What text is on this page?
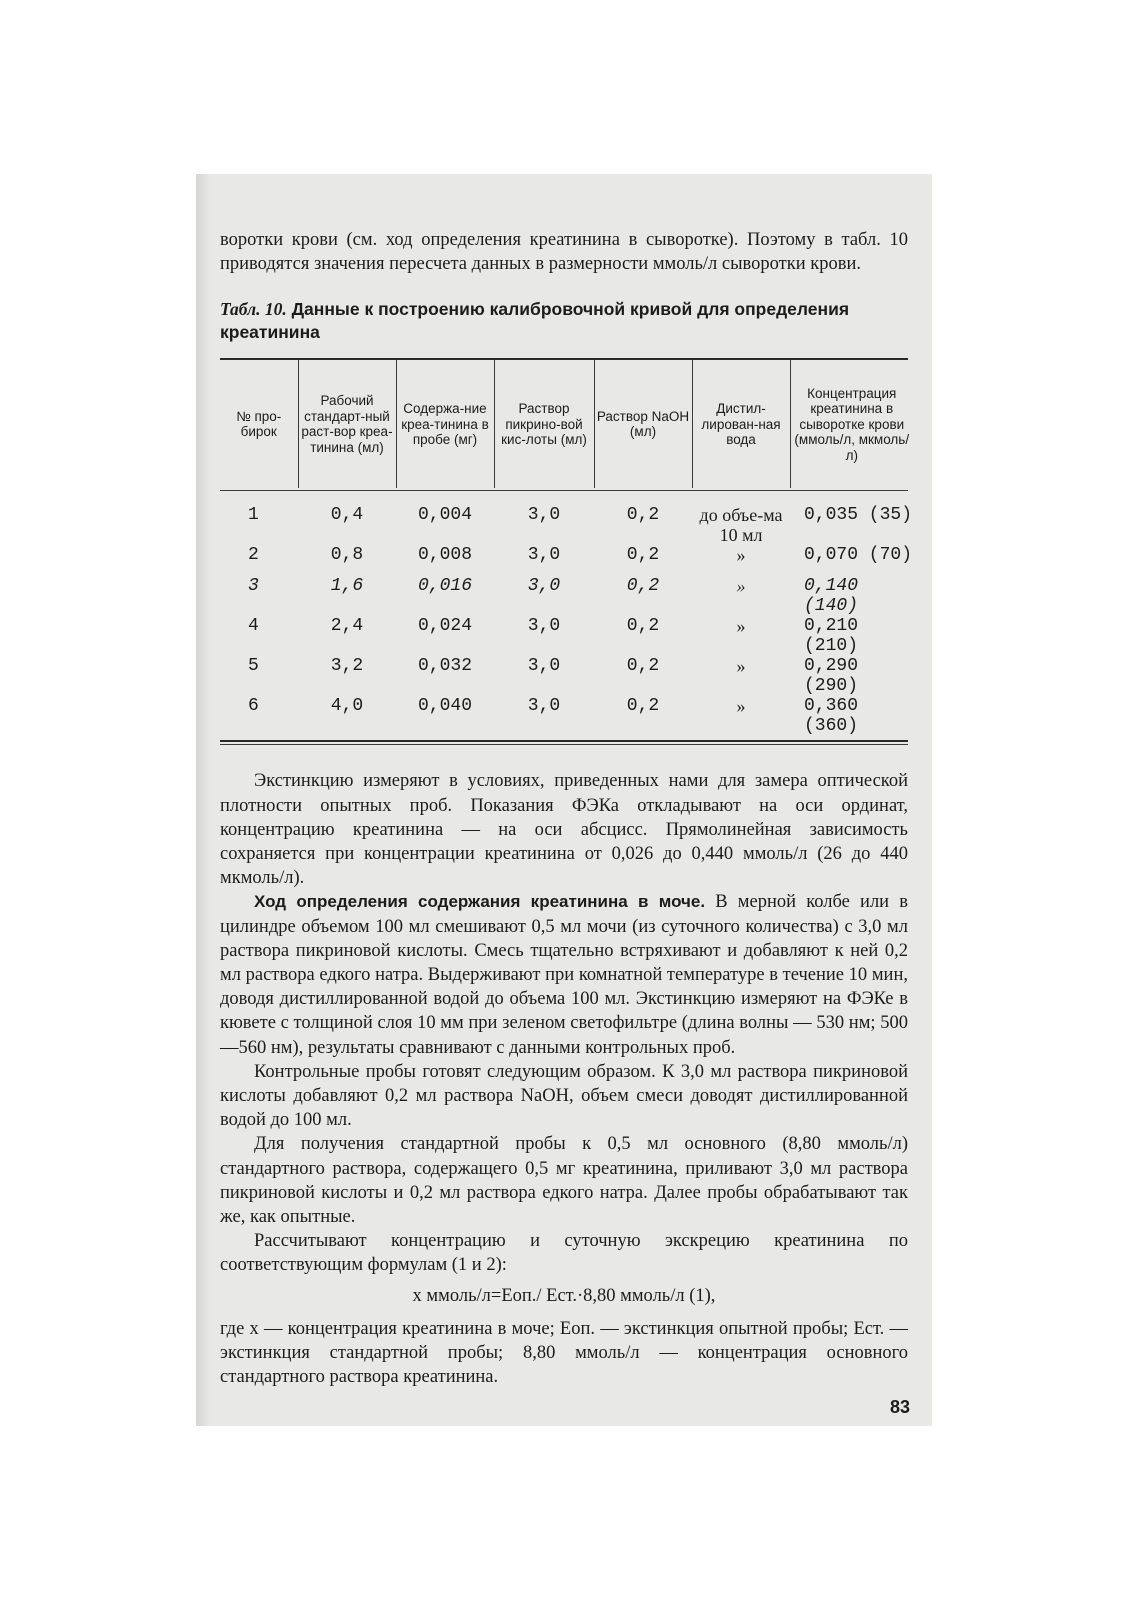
воротки крови (см. ход определения креатинина в сыворотке). Поэтому в табл. 10 приводятся значения пересчета данных в размерности ммоль/л сыворотки крови.

Табл. 10. Данные к построению калибровочной кривой для определения креатинина

№ про-бирок	Рабочий стандарт-ный раст-вор креа-тинина (мл)	Содержа-ние креа-тинина в пробе (мг)	Раствор пикрино-вой кис-лоты (мл)	Раствор NaOH (мл)	Дистил-лирован-ная вода	Концентрация креатинина в сыворотке крови (ммоль/л, мкмоль/л)
1	0,4	0,004	3,0	0,2	до объе-ма 10 мл	0,035 (35)
2	0,8	0,008	3,0	0,2	»	0,070 (70)
3	1,6	0,016	3,0	0,2	»	0,140 (140)
4	2,4	0,024	3,0	0,2	»	0,210 (210)
5	3,2	0,032	3,0	0,2	»	0,290 (290)
6	4,0	0,040	3,0	0,2	»	0,360 (360)

Экстинкцию измеряют в условиях, приведенных нами для замера оптической плотности опытных проб. Показания ФЭКа откладывают на оси ординат, концентрацию креатинина — на оси абсцисс. Прямолинейная зависимость сохраняется при концентрации креатинина от 0,026 до 0,440 ммоль/л (26 до 440 мкмоль/л).

Ход определения содержания креатинина в моче. В мерной колбе или в цилиндре объемом 100 мл смешивают 0,5 мл мочи (из суточного количества) с 3,0 мл раствора пикриновой кислоты. Смесь тщательно встряхивают и добавляют к ней 0,2 мл раствора едкого натра. Выдерживают при комнатной температуре в течение 10 мин, доводя дистиллированной водой до объема 100 мл. Экстинкцию измеряют на ФЭКе в кювете с толщиной слоя 10 мм при зеленом светофильтре (длина волны — 530 нм; 500—560 нм), результаты сравнивают с данными контрольных проб.

Контрольные пробы готовят следующим образом. К 3,0 мл раствора пикриновой кислоты добавляют 0,2 мл раствора NaOH, объем смеси доводят дистиллированной водой до 100 мл.

Для получения стандартной пробы к 0,5 мл основного (8,80 ммоль/л) стандартного раствора, содержащего 0,5 мг креатинина, приливают 3,0 мл раствора пикриновой кислоты и 0,2 мл раствора едкого натра. Далее пробы обрабатывают так же, как опытные.

Рассчитывают концентрацию и суточную экскрецию креатинина по соответствующим формулам (1 и 2):

х ммоль/л=Eоп./ Eст.·8,80 ммоль/л (1),

где х — концентрация креатинина в моче; Eоп. — экстинкция опытной пробы; Eст. — экстинкция стандартной пробы; 8,80 ммоль/л — концентрация основного стандартного раствора креатинина.

83
